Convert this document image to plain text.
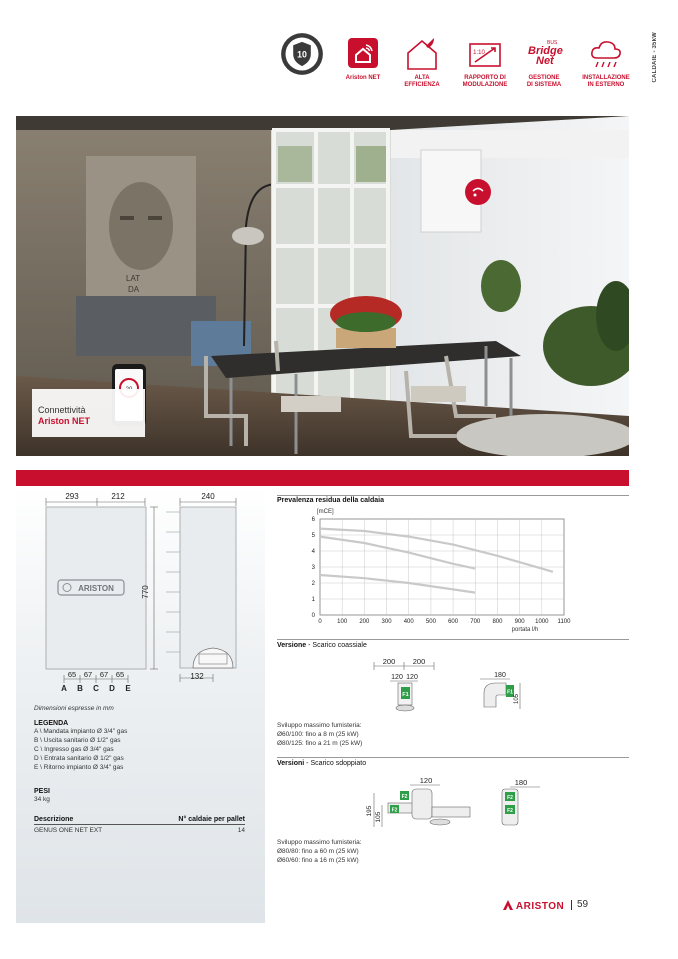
10
Ariston NET	ALTA
EFFICIENZA
1:10
RAPPORTO DI
MODULAZIONE
BUS
Bridge
Net
GESTIONE
DI SISTEMA
INSTALLAZIONE
IN ESTERNO
CALDAIE - 35kW
LAT
DA
Connettività
Ariston NET
293	212
ARISTON	770
65 67 67 65
A B C D E
240
132
Dimensioni espresse in mm
LEGENDA
A \ Mandata impianto Ø 3/4" gas
B \ Uscita sanitario Ø 1/2" gas
C \ Ingresso gas Ø 3/4" gas
D \ Entrata sanitario Ø 1/2" gas
E \ Ritorno impianto Ø 3/4" gas
PESI
34 kg
Descrizione	N° caldaie per pallet
GENUS ONE NET EXT	14
Prevalenza residua della caldaia
0	100 200 300 400 500 600 700 800 900 1000 1100
0
1
2
3
4
5
6
[mCE]
portata l/h
Versione - Scarico coassiale
200 200
120 120
F1
180
F1
105
Sviluppo massimo fumisteria:
Ø60/100: fino a 8 m (25 kW)
Ø80/125: fino a 21 m (25 kW)
Versioni - Scarico sdoppiato
120
195
105
F2
F2
180
F2
F2
Sviluppo massimo fumisteria:
Ø80/80: fino a 60 m (25 kW)
Ø60/60: fino a 16 m (25 kW)
ARISTON 59
